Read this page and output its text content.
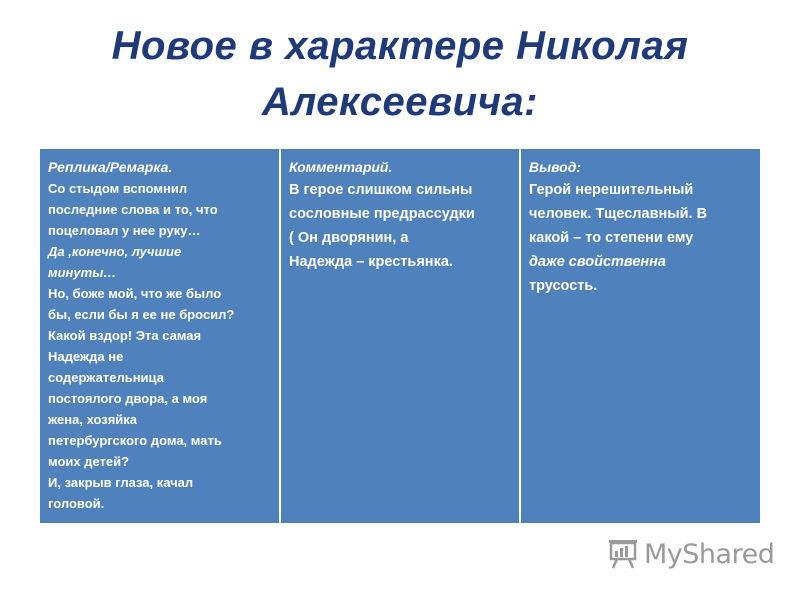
Новое в характере Николая
Алексеевича:
Реплика/Ремарка.
Со стыдом вспомнил
последние слова и то, что
поцеловал у нее руку…
Да ,конечно, лучшие
минуты…
Но, боже мой, что же было
бы, если бы я ее не бросил?
Какой вздор! Эта самая
Надежда не
содержательница
постоялого двора, а моя
жена, хозяйка
петербургского дома, мать
моих детей?
И, закрыв глаза, качал
головой.

Комментарий.
В герое слишком сильны
сословные предрассудки
( Он дворянин, а
Надежда – крестьянка.

Вывод:
Герой нерешительный
человек. Тщеславный. В
какой – то степени ему
даже свойственна
трусость.
MyShared
